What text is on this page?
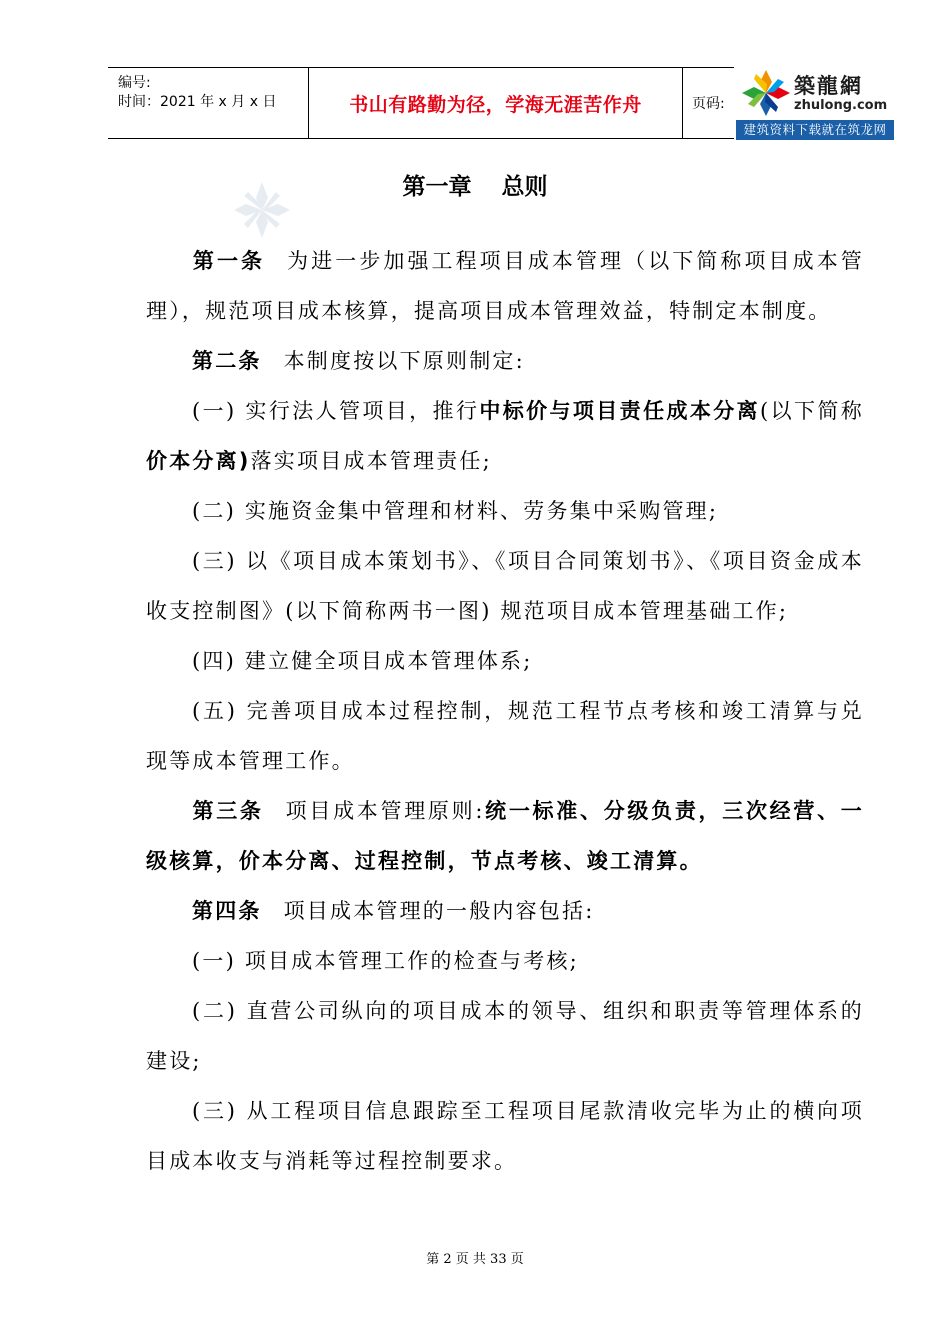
编号:
时间：2021 年 x 月 x 日	书山有路勤为径，学海无涯苦作舟	页码:
築龍網
zhulong.com
建筑资料下载就在筑龙网
第一章 总则
第一条 为进一步加强工程项目成本管理（以下简称项目成本管理），规范项目成本核算，提高项目成本管理效益，特制定本制度。
第二条 本制度按以下原则制定:
(一) 实行法人管项目，推行中标价与项目责任成本分离(以下简称价本分离)落实项目成本管理责任;
(二) 实施资金集中管理和材料、劳务集中采购管理;
(三) 以《项目成本策划书》、《项目合同策划书》、《项目资金成本收支控制图》(以下简称两书一图) 规范项目成本管理基础工作;
(四) 建立健全项目成本管理体系;
(五) 完善项目成本过程控制，规范工程节点考核和竣工清算与兑现等成本管理工作。
第三条 项目成本管理原则:统一标准、分级负责，三次经营、一级核算，价本分离、过程控制，节点考核、竣工清算。
第四条 项目成本管理的一般内容包括:
(一) 项目成本管理工作的检查与考核;
(二) 直营公司纵向的项目成本的领导、组织和职责等管理体系的建设;
(三) 从工程项目信息跟踪至工程项目尾款清收完毕为止的横向项目成本收支与消耗等过程控制要求。
第 2 页 共 33 页
